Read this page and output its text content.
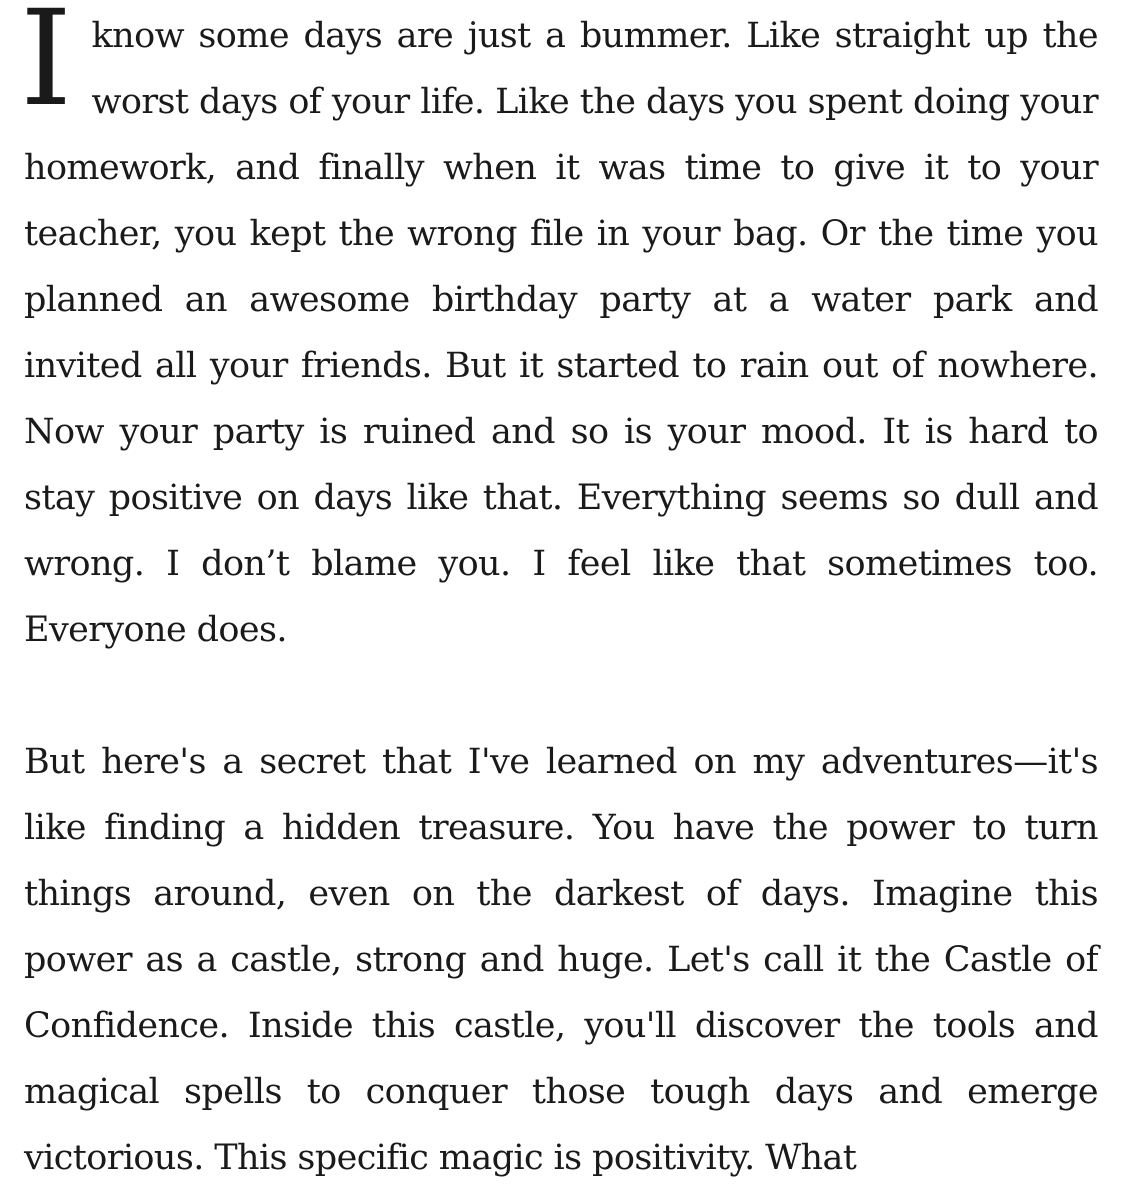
Iknow some days are just a bummer. Like straight up the worst days of your life. Like the days you spent doing your homework, and finally when it was time to give it to your teacher, you kept the wrong file in your bag. Or the time you planned an awesome birthday party at a water park and invited all your friends. But it started to rain out of nowhere. Now your party is ruined and so is your mood. It is hard to stay positive on days like that. Everything seems so dull and wrong. I don’t blame you. I feel like that sometimes too. Everyone does.

But here's a secret that I've learned on my adventures—it's like finding a hidden treasure. You have the power to turn things around, even on the darkest of days. Imagine this power as a castle, strong and huge. Let's call it the Castle of Confidence. Inside this castle, you'll discover the tools and magical spells to conquer those tough days and emerge victorious. This specific magic is positivity. What
